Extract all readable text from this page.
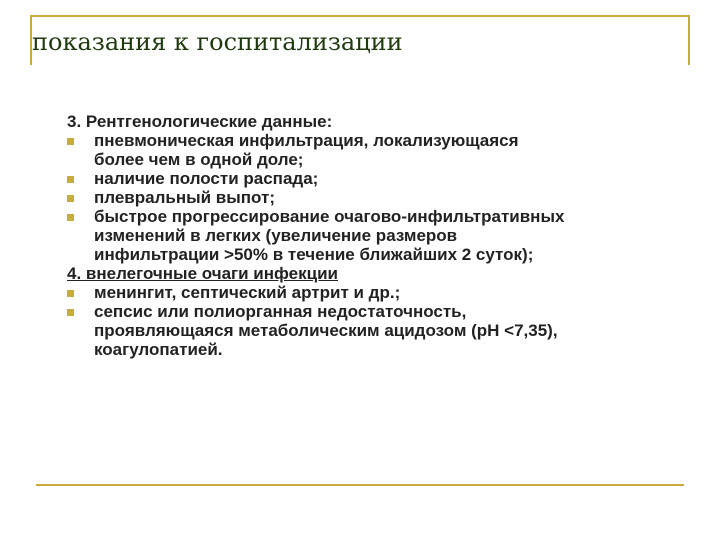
показания к госпитализации
3. Рентгенологические данные:
пневмоническая инфильтрация, локализующаяся
более чем в одной доле;
наличие полости распада;
плевральный выпот;
быстрое прогрессирование очагово-инфильтративных
изменений в легких (увеличение размеров
инфильтрации >50% в течение ближайших 2 суток);
4. внелегочные очаги инфекции
менингит, септический артрит и др.;
сепсис или полиорганная недостаточность,
проявляющаяся метаболическим ацидозом (рН <7,35),
коагулопатией.
